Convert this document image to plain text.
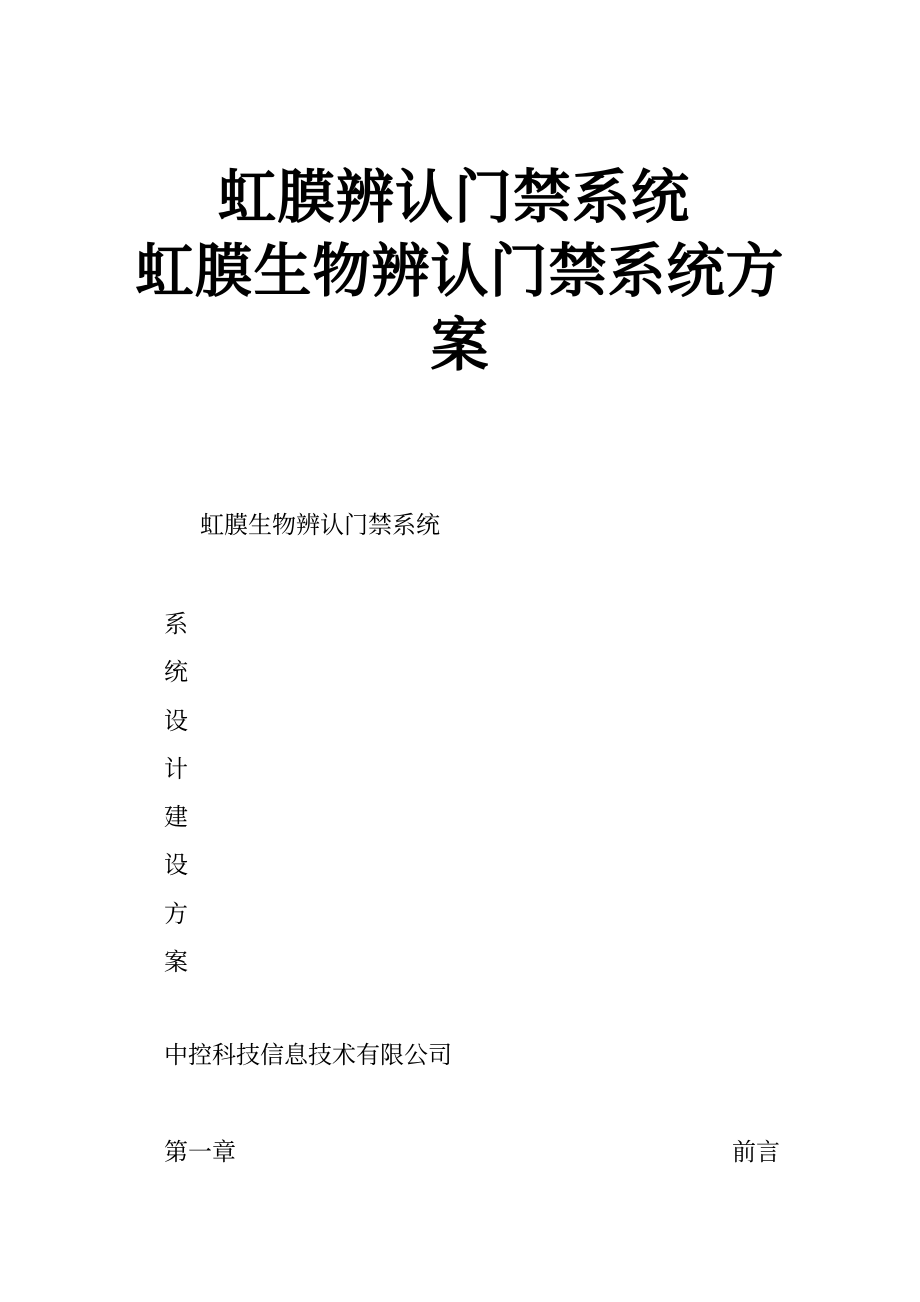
虹膜辨认门禁系统
虹膜生物辨认门禁系统方
案
虹膜生物辨认门禁系统
系
统
设
计
建
设
方
案
中控科技信息技术有限公司
第一章	前言
